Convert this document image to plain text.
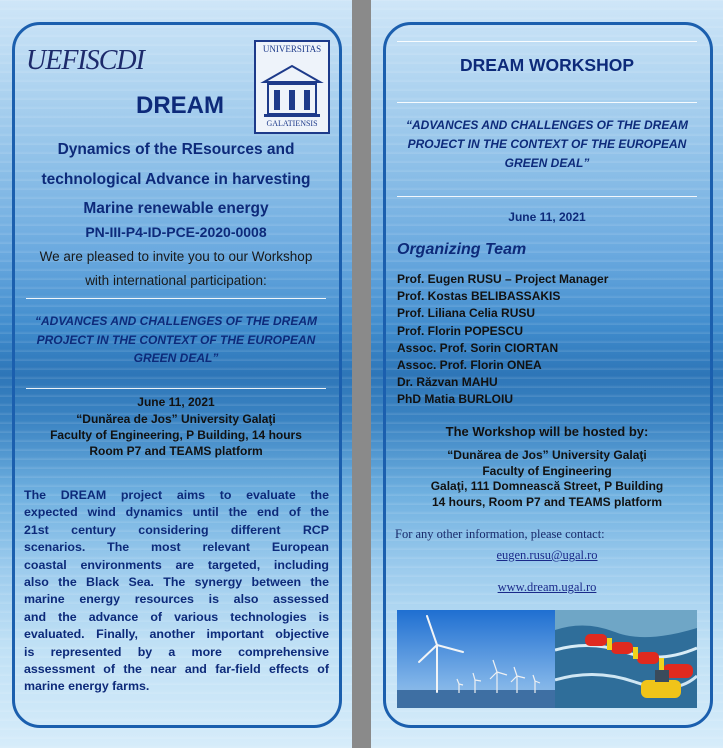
UEFISCDI	UNIVERSITAS
GALATIENSIS
DREAM
Dynamics of the REsources and
technological Advance in harvesting
Marine renewable energy
PN-III-P4-ID-PCE-2020-0008
We are pleased to invite you to our Workshop
with international participation:
“ADVANCES AND CHALLENGES OF THE DREAM
PROJECT IN THE CONTEXT OF THE EUROPEAN
GREEN DEAL”
June 11, 2021
“Dunărea de Jos” University Galaţi
Faculty of Engineering, P Building, 14 hours
Room P7 and TEAMS platform
The DREAM project aims to evaluate the
expected wind dynamics until the end of the
21st century considering different RCP
scenarios. The most relevant European
coastal environments are targeted, including
also the Black Sea. The synergy between the
marine energy resources is also assessed
and the advance of various technologies is
evaluated. Finally, another important objective
is represented by a more comprehensive
assessment of the near and far-field effects of
marine energy farms.
DREAM WORKSHOP
“ADVANCES AND CHALLENGES OF THE DREAM
PROJECT IN THE CONTEXT OF THE EUROPEAN
GREEN DEAL”
June 11, 2021
Organizing Team
Prof. Eugen RUSU – Project Manager
Prof. Kostas BELIBASSAKIS
Prof. Liliana Celia RUSU
Prof. Florin POPESCU
Assoc. Prof. Sorin CIORTAN
Assoc. Prof. Florin ONEA
Dr. Răzvan MAHU
PhD Matia BURLOIU
The Workshop will be hosted by:
“Dunărea de Jos” University Galaţi
Faculty of Engineering
Galaţi, 111 Domnească Street, P Building
14 hours, Room P7 and TEAMS platform
For any other information, please contact:
eugen.rusu@ugal.ro
www.dream.ugal.ro
